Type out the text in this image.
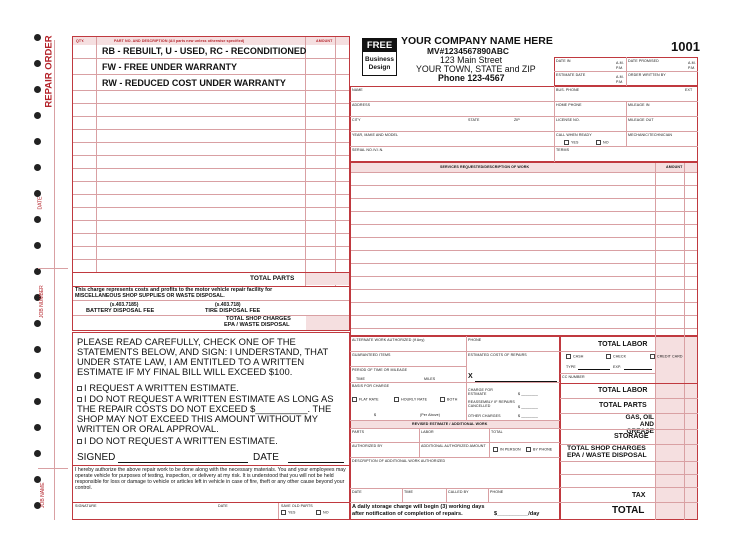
REPAIR ORDER
DATE
JOB NUMBER
JOB NAME
QTY.	PART NO. AND DESCRIPTION (All parts new unless otherwise specified)	AMOUNT
RB - REBUILT, U - USED, RC - RECONDITIONED
FW - FREE UNDER WARRANTY
RW - REDUCED COST UNDER WARRANTY
TOTAL PARTS
This charge represents costs and profits to the motor vehicle repair facility for MISCELLANEOUS SHOP SUPPLIES OR WASTE DISPOSAL.
(s.403.7185)
BATTERY DISPOSAL FEE
(s.403.718)
TIRE DISPOSAL FEE
TOTAL SHOP CHARGES
EPA / WASTE DISPOSAL
PLEASE READ CAREFULLY, CHECK ONE OF THE STATEMENTS BELOW, AND SIGN: I UNDERSTAND, THAT UNDER STATE LAW, I AM ENTITLED TO A WRITTEN ESTIMATE IF MY FINAL BILL WILL EXCEED $100.
I REQUEST A WRITTEN ESTIMATE.
I DO NOT REQUEST A WRITTEN ESTIMATE AS LONG AS THE REPAIR COSTS DO NOT EXCEED $__________. THE SHOP MAY NOT EXCEED THIS AMOUNT WITHOUT MY WRITTEN OR ORAL APPROVAL.
I DO NOT REQUEST A WRITTEN ESTIMATE.
SIGNED	DATE
I hereby authorize the above repair work to be done along with the necessary materials. You and your employees may operate vehicle for purposes of testing, inspection, or delivery at my risk. It is understood that you will not be held responsible for loss or damage to vehicle or articles left in vehicle in case of fire, theft or any other cause beyond your control.
SIGNATURE	DATE	SAVE OLD PARTS
YES	NO
FREE
Business
Design
YOUR COMPANY NAME HERE
MV#1234567890ABC
123 Main Street
YOUR TOWN, STATE and ZIP
Phone 123-4567
1001
DATE IN	A.M.
P.M.
DATE PROMISED	A.M.
P.M.
ESTIMATE DATE	A.M.
P.M.
ORDER WRITTEN BY
NAME	BUS. PHONE	EXT
ADDRESS	HOME PHONE	MILEAGE IN
CITY	STATE	ZIP	LICENSE NO.	MILEAGE OUT
YEAR, MAKE AND MODEL	CALL WHEN READY
YES	NO
MECHANIC/TECHNICIAN
SERIAL NO./V.I.N.	TERMS
SERVICES REQUESTED/DESCRIPTION OF WORK	AMOUNT
ALTERNATE WORK AUTHORIZED (if Any)	PHONE
GUARANTEED ITEMS	ESTIMATED COSTS OF REPAIRS
PERIOD OF TIME OR MILEAGE
TIME	MILES	X
BASIS FOR CHARGE
FLAT RATE	HOURLY RATE	BOTH
(Per Above)
$
CHARGE FOR ESTIMATE	$ ________
REASSEMBLY IF REPAIRS CANCELLED	$ ________
OTHER CHARGES	$ ________
REVISED ESTIMATE / ADDITIONAL WORK
PARTS	LABOR	TOTAL
AUTHORIZED BY	ADDITIONAL AUTHORIZED AMOUNT
IN PERSON	BY PHONE
DESCRIPTION OF ADDITIONAL WORK AUTHORIZED
DATE	TIME	CALLED BY	PHONE
A daily storage charge will begin (3) working days
after notification of completion of repairs.	$__________/day
TOTAL LABOR
CASH	CHECK	CREDIT CARD
TYPE	EXP.
CC NUMBER
TOTAL LABOR
TOTAL PARTS
GAS, OIL AND GREASE
STORAGE
TOTAL SHOP CHARGES
EPA / WASTE DISPOSAL
TAX
TOTAL
